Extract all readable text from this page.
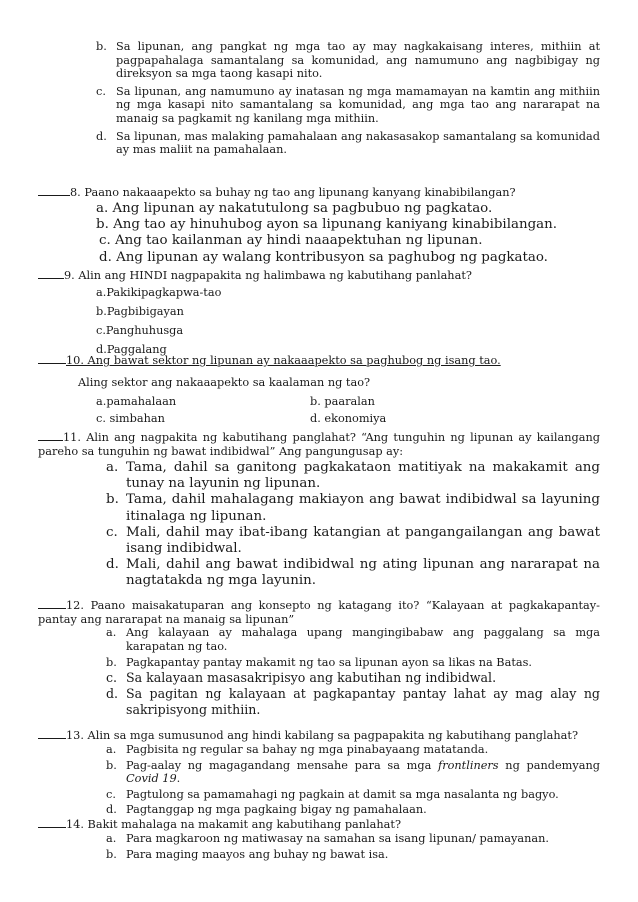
b. Sa lipunan, ang pangkat ng mga tao ay may nagkakaisang interes, mithiin at pagpapahalaga samantalang sa komunidad, ang namumuno ang nagbibigay ng direksyon sa mga taong kasapi nito.
c. Sa lipunan, ang namumuno ay inatasan ng mga mamamayan na kamtin ang mithiin ng mga kasapi nito samantalang sa komunidad, ang mga tao ang nararapat na manaig sa pagkamit ng kanilang mga mithiin.
d. Sa lipunan, mas malaking pamahalaan ang nakasasakop samantalang sa komunidad ay mas maliit na pamahalaan.
8. Paano nakaaapekto sa buhay ng tao ang lipunang kanyang kinabibilangan?
a. Ang lipunan ay nakatutulong sa pagbubuo ng pagkatao.
b. Ang tao ay hinuhubog ayon sa lipunang kaniyang kinabibilangan.
c. Ang tao kailanman ay hindi naaapektuhan ng lipunan.
d. Ang lipunan ay walang kontribusyon sa paghubog ng pagkatao.
9. Alin ang HINDI nagpapakita ng halimbawa ng kabutihang panlahat?
a.Pakikipagkapwa-tao
b.Pagbibigayan
c.Panghuhusga
d.Paggalang
10. Ang bawat sektor ng lipunan ay nakaaapekto sa paghubog ng isang tao.
Aling sektor ang nakaaapekto sa kaalaman ng tao?
a.pamahalaan
c. simbahan
b. paaralan
d. ekonomiya
11. Alin ang nagpakita ng kabutihang panglahat? “Ang tunguhin ng lipunan ay kailangang pareho sa tunguhin ng bawat indibidwal” Ang pangungusap ay:
a. Tama, dahil sa ganitong pagkakataon matitiyak na makakamit ang tunay na layunin ng lipunan.
b. Tama, dahil mahalagang makiayon ang bawat indibidwal sa layuning itinalaga ng lipunan.
c. Mali, dahil may ibat-ibang katangian at pangangailangan ang bawat isang indibidwal.
d. Mali, dahil ang bawat indibidwal ng ating lipunan ang nararapat na nagtatakda ng mga layunin.
12. Paano maisakatuparan ang konsepto ng katagang ito? “Kalayaan at pagkakapantay-pantay ang nararapat na manaig sa lipunan”
a. Ang kalayaan ay mahalaga upang mangingibabaw ang paggalang sa mga karapatan ng tao.
b. Pagkapantay pantay makamit ng tao sa lipunan ayon sa likas na Batas.
c. Sa kalayaan masasakripisyo ang kabutihan ng indibidwal.
d. Sa pagitan ng kalayaan at pagkapantay pantay lahat ay mag alay ng sakripisyong mithiin.
13. Alin sa mga sumusunod ang hindi kabilang sa pagpapakita ng kabutihang panglahat?
a. Pagbisita ng regular sa bahay ng mga pinabayaang matatanda.
b. Pag-aalay ng magagandang mensahe para sa mga frontliners ng pandemyang Covid 19.
c. Pagtulong sa pamamahagi ng pagkain at damit sa mga nasalanta ng bagyo.
d. Pagtanggap ng mga pagkaing bigay ng pamahalaan.
14. Bakit mahalaga na makamit ang kabutihang panlahat?
a. Para magkaroon ng matiwasay na samahan sa isang lipunan/ pamayanan.
b. Para maging maayos ang buhay ng bawat isa.
